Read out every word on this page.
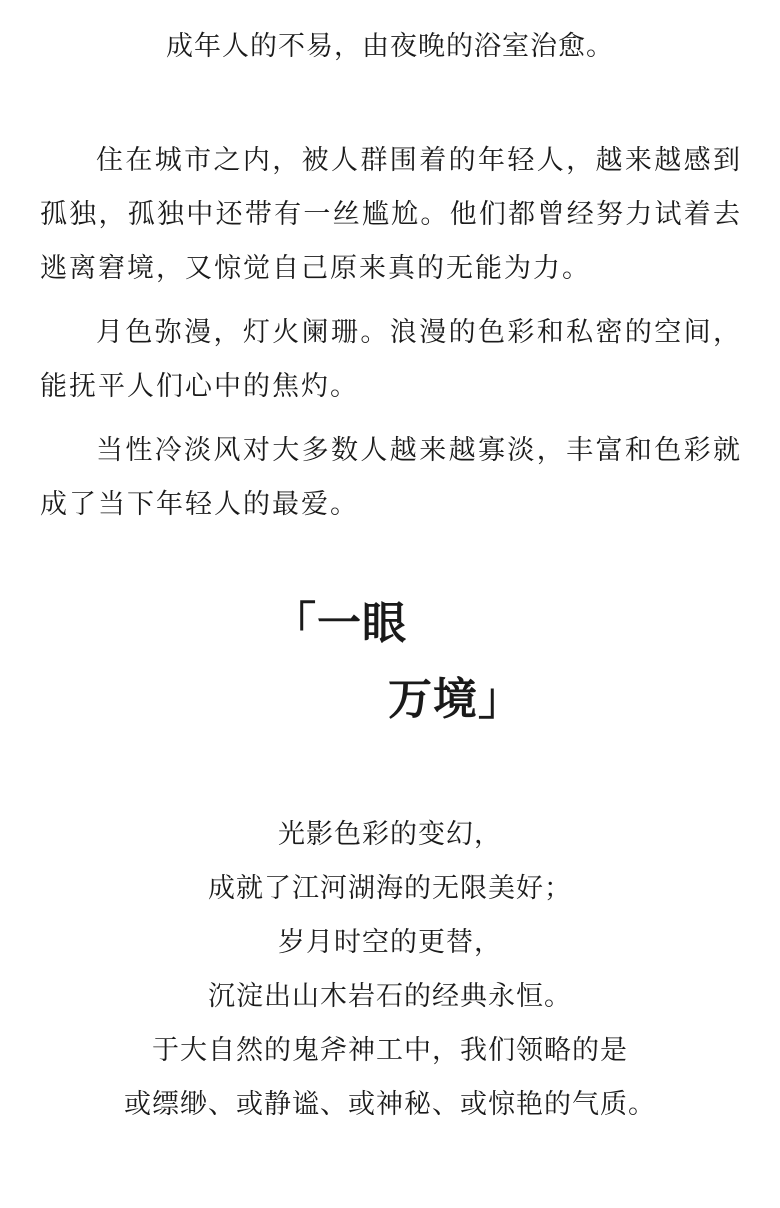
成年人的不易，由夜晚的浴室治愈。

住在城市之内，被人群围着的年轻人，越来越感到孤独，孤独中还带有一丝尴尬。他们都曾经努力试着去逃离窘境，又惊觉自己原来真的无能为力。

月色弥漫，灯火阑珊。浪漫的色彩和私密的空间，能抚平人们心中的焦灼。

当性冷淡风对大多数人越来越寡淡，丰富和色彩就成了当下年轻人的最爱。

「一眼
万境」
光影色彩的变幻，
成就了江河湖海的无限美好；
岁月时空的更替，
沉淀出山木岩石的经典永恒。
于大自然的鬼斧神工中，我们领略的是
或缥缈、或静谧、或神秘、或惊艳的气质。
